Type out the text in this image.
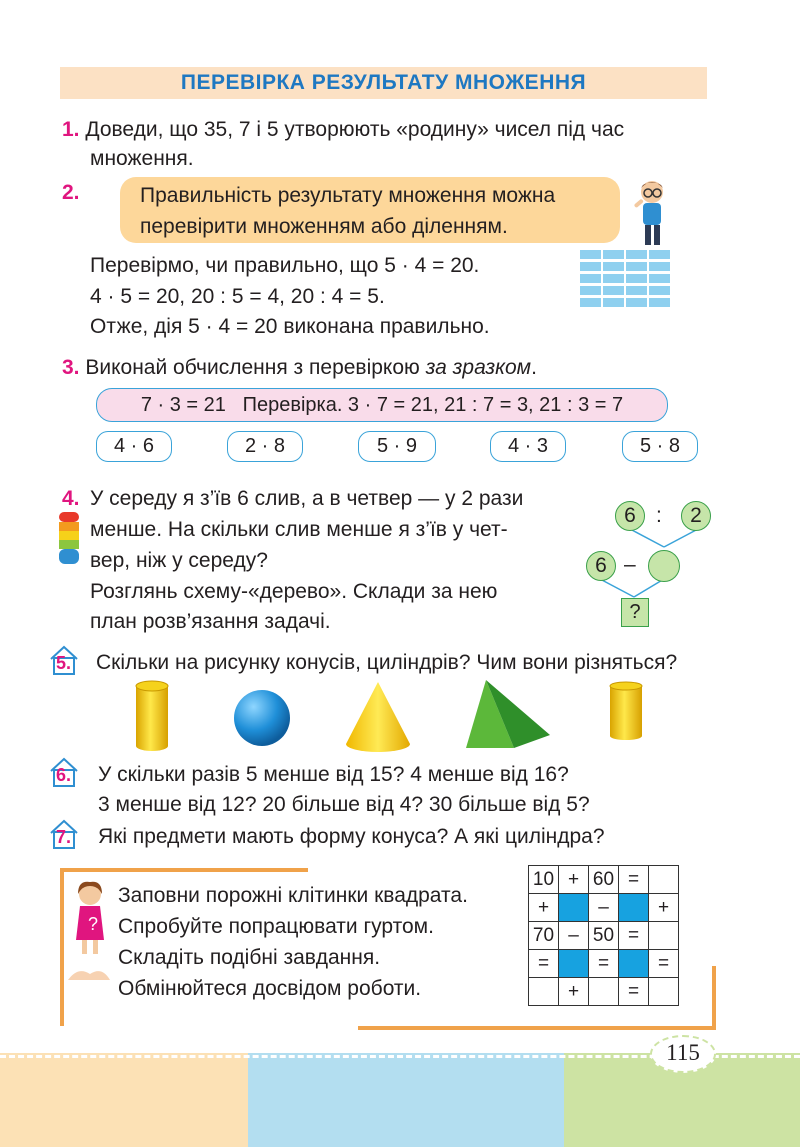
ПЕРЕВІРКА РЕЗУЛЬТАТУ МНОЖЕННЯ
1. Доведи, що 35, 7 і 5 утворюють «родину» чисел під час
множення.
2.	Правильність результату множення можна
перевірити множенням або діленням.
Перевірмо, чи правильно, що 5 · 4 = 20.
4 · 5 = 20, 20 : 5 = 4, 20 : 4 = 5.
Отже, дія 5 · 4 = 20 виконана правильно.
3. Виконай обчислення з перевіркою за зразком.
7 · 3 = 21   Перевірка. 3 · 7 = 21, 21 : 7 = 3, 21 : 3 = 7
4 · 6	2 · 8	5 · 9	4 · 3	5 · 8
4. У середу я з’їв 6 слив, а в четвер — у 2 рази
менше. На скільки слив менше я з’їв у чет-
вер, ніж у середу?
Розглянь схему-«дерево». Склади за нею
план розв’язання задачі.
6 :	2
6 –
?
5. Скільки на рисунку конусів, циліндрів? Чим вони різняться?
6. У скільки разів 5 менше від 15? 4 менше від 16?
3 менше від 12? 20 більше від 4? 30 більше від 5?
7. Які предмети мають форму конуса? А які циліндра?
?
Заповни порожні клітинки квадрата.
Спробуйте попрацювати гуртом.
Складіть подібні завдання.
Обмінюйтеся досвідом роботи.
10	+	60	=	
+		–		+
70	–	50	=	
=		=		=
	+		=	
115
